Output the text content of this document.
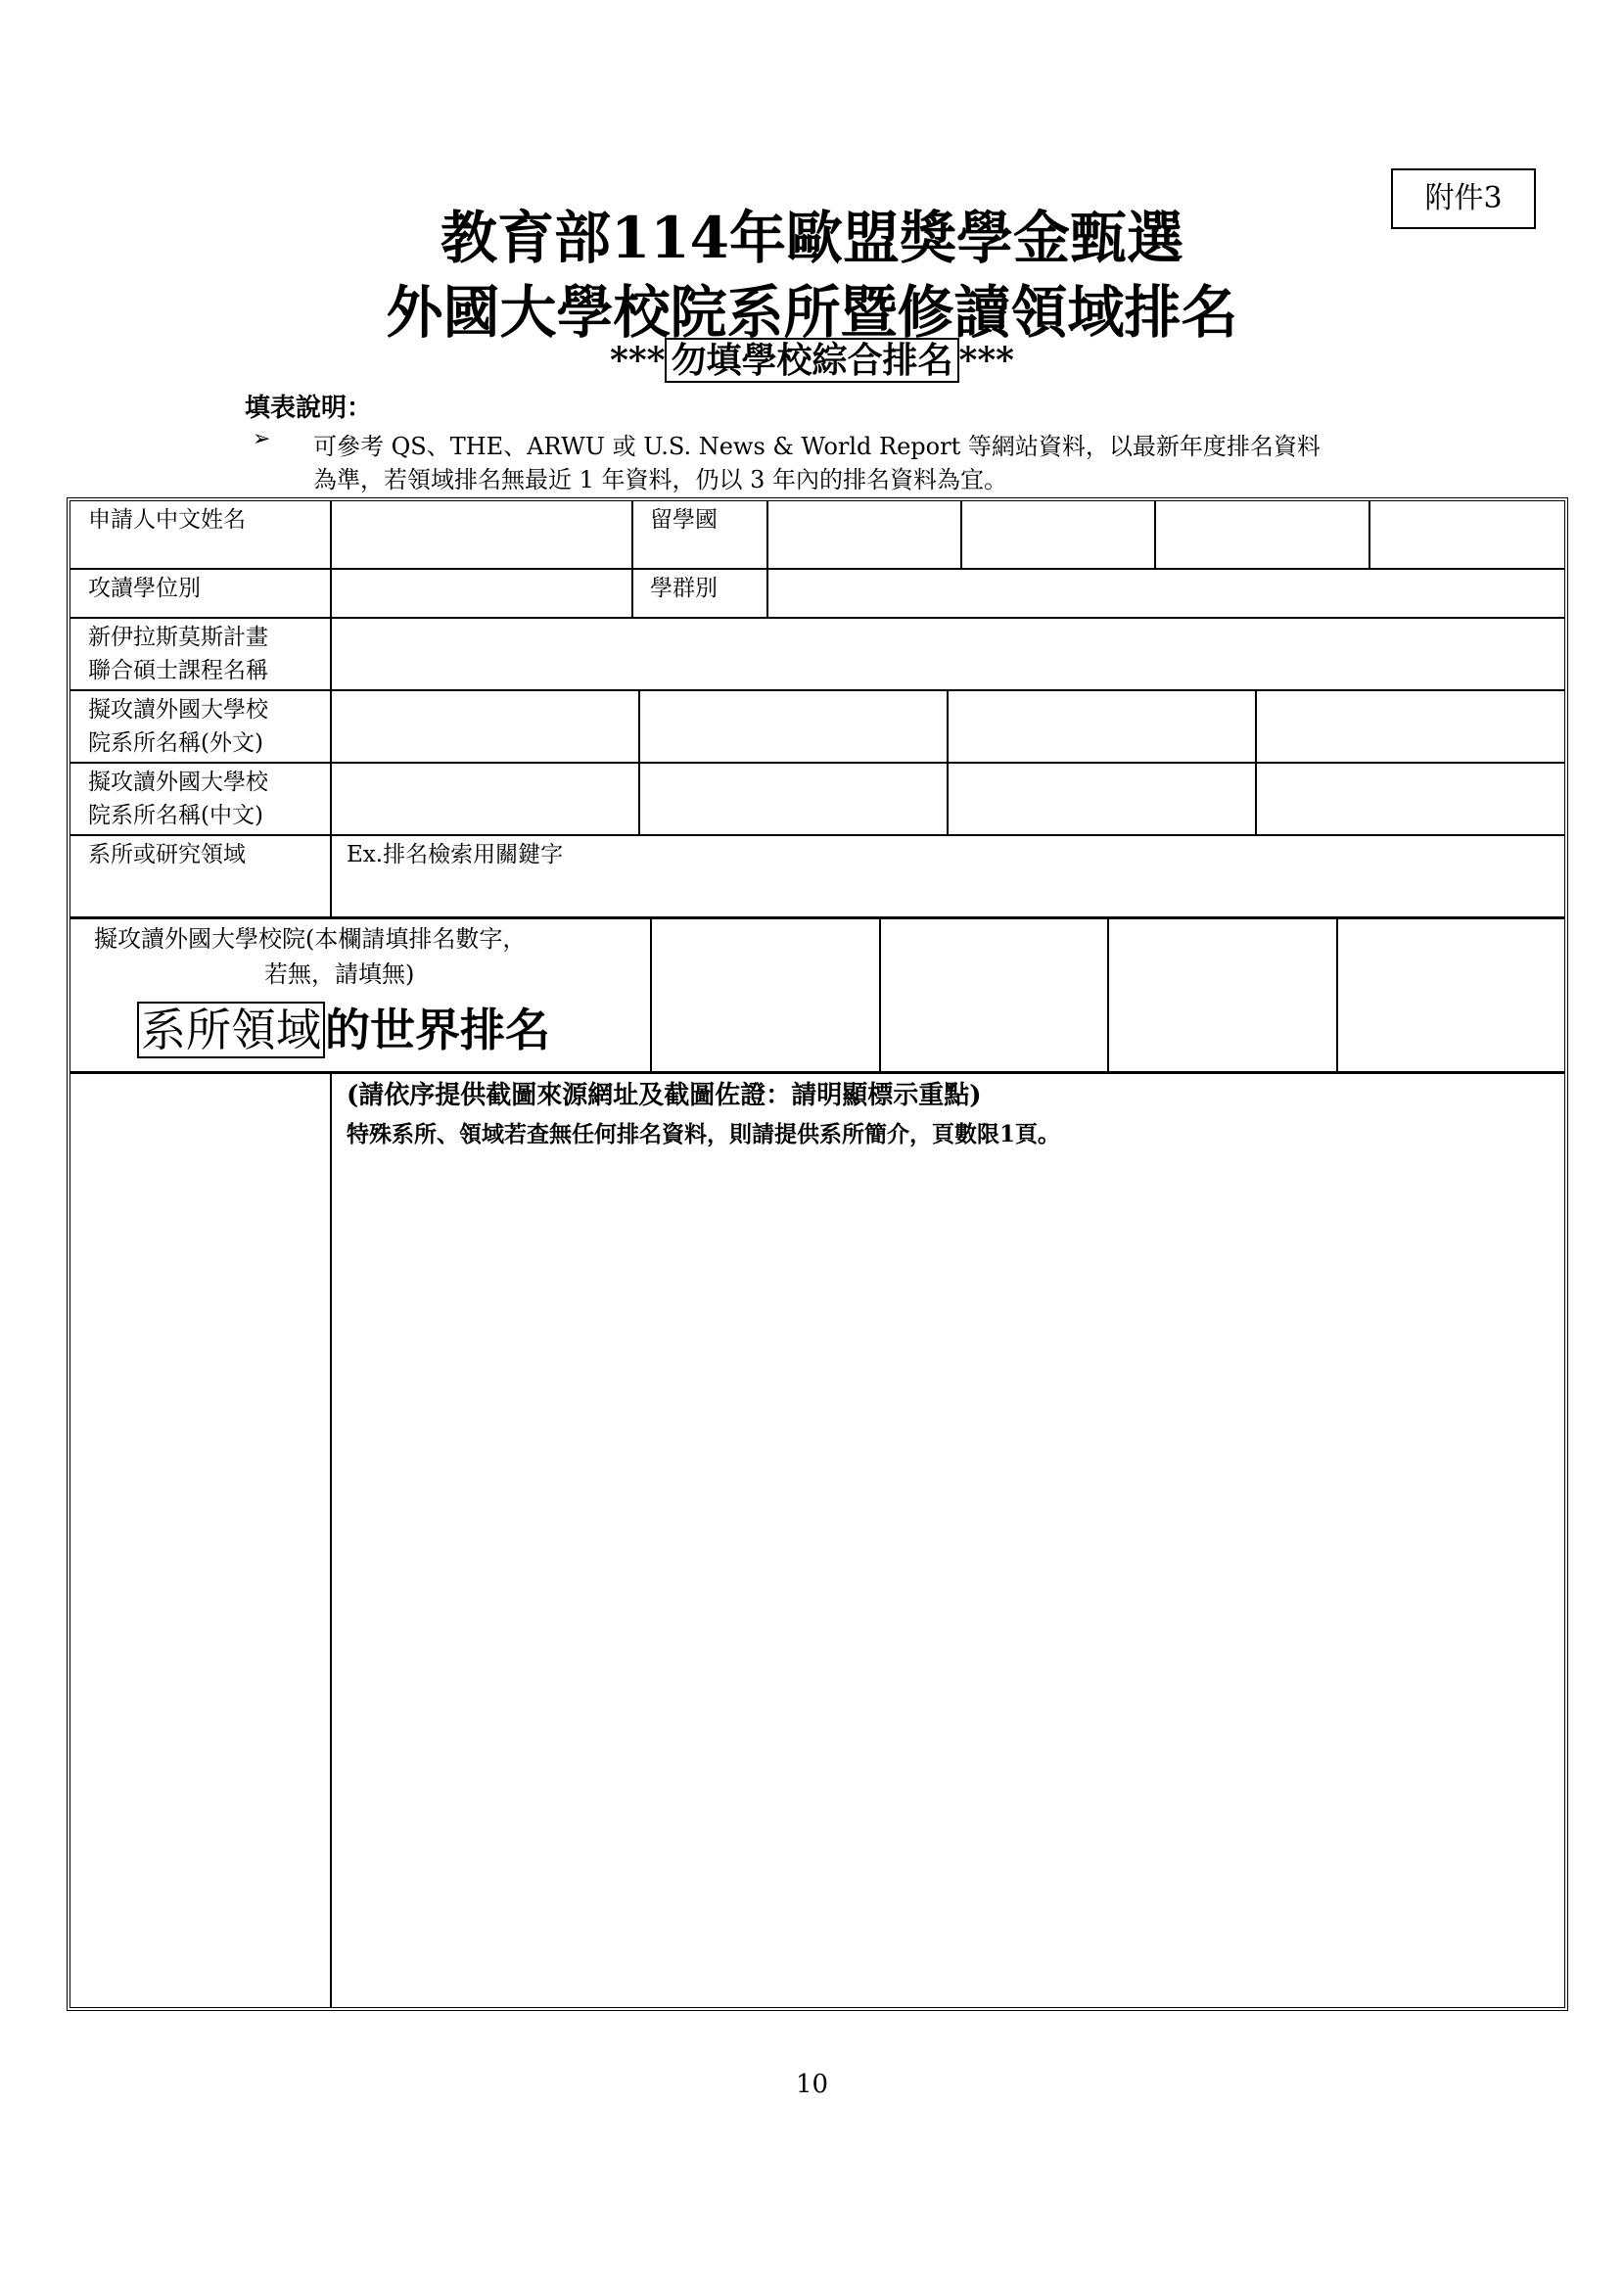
附件3
教育部114年歐盟獎學金甄選
外國大學校院系所暨修讀領域排名
*** 勿填學校綜合排名 ***
填表說明：
➢ 可參考 QS、THE、ARWU 或 U.S. News & World Report 等網站資料，以最新年度排名資料
為準，若領域排名無最近 1 年資料，仍以 3 年內的排名資料為宜。
申請人中文姓名	留學國
攻讀學位別	學群別
新伊拉斯莫斯計畫
聯合碩士課程名稱
擬攻讀外國大學校
院系所名稱(外文)
擬攻讀外國大學校
院系所名稱(中文)
系所或研究領域	Ex.排名檢索用關鍵字
擬攻讀外國大學校院(本欄請填排名數字，
若無，請填無)
系所領域的世界排名
(請依序提供截圖來源網址及截圖佐證：請明顯標示重點)
特殊系所、領域若查無任何排名資料，則請提供系所簡介，頁數限1頁。
10
